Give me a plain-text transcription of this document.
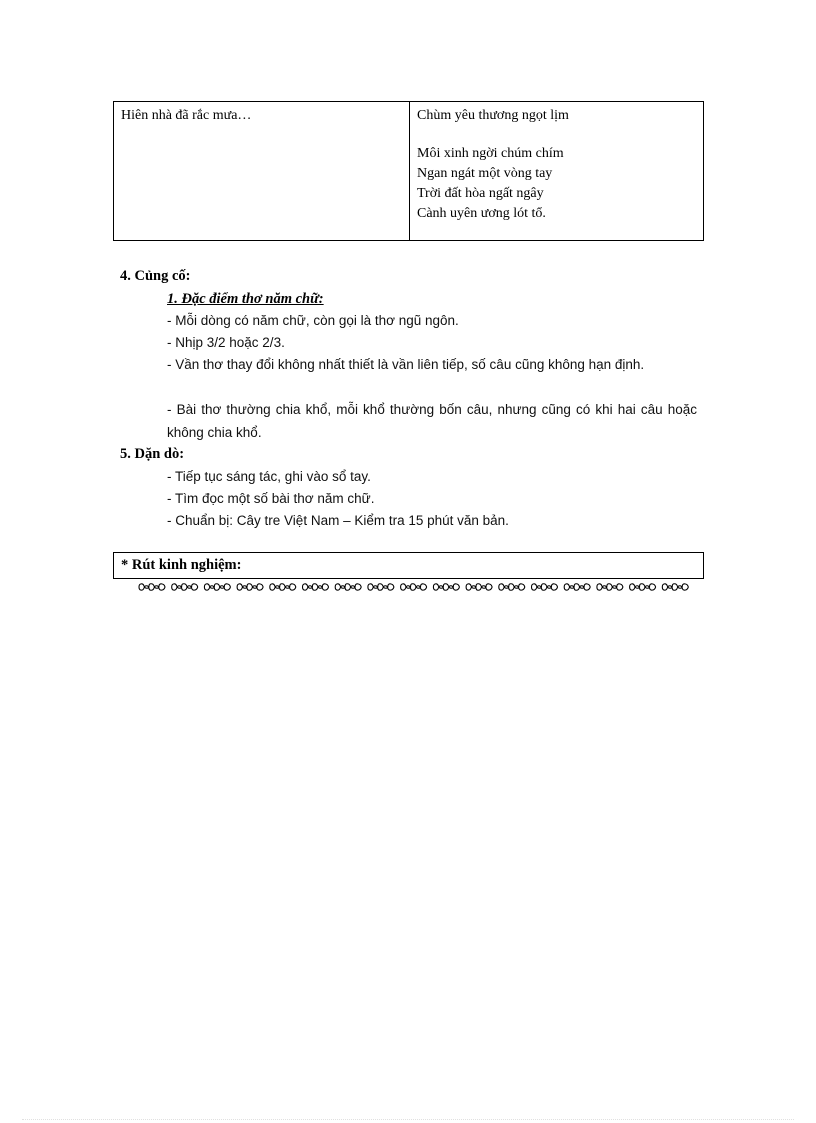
Hiên nhà đã rắc mưa…	Chùm yêu thương ngọt lịm
Môi xinh ngời chúm chím
Ngan ngát một vòng tay
Trời đất hòa ngất ngây
Cành uyên ương lót tổ.
4. Củng cố:
1. Đặc điểm thơ năm chữ:
- Mỗi dòng có năm chữ, còn gọi là thơ ngũ ngôn.
- Nhịp 3/2 hoặc 2/3.
- Vần thơ thay đổi không nhất thiết là vần liên tiếp, số câu cũng không hạn định.
- Bài thơ thường chia khổ, mỗi khổ thường bốn câu, nhưng cũng có khi hai câu hoặc không chia khổ.
5. Dặn dò:
- Tiếp tục sáng tác, ghi vào sổ tay.
- Tìm đọc một số bài thơ năm chữ.
- Chuẩn bị: Cây tre Việt Nam – Kiểm tra 15 phút văn bản.
* Rút kinh nghiệm:
